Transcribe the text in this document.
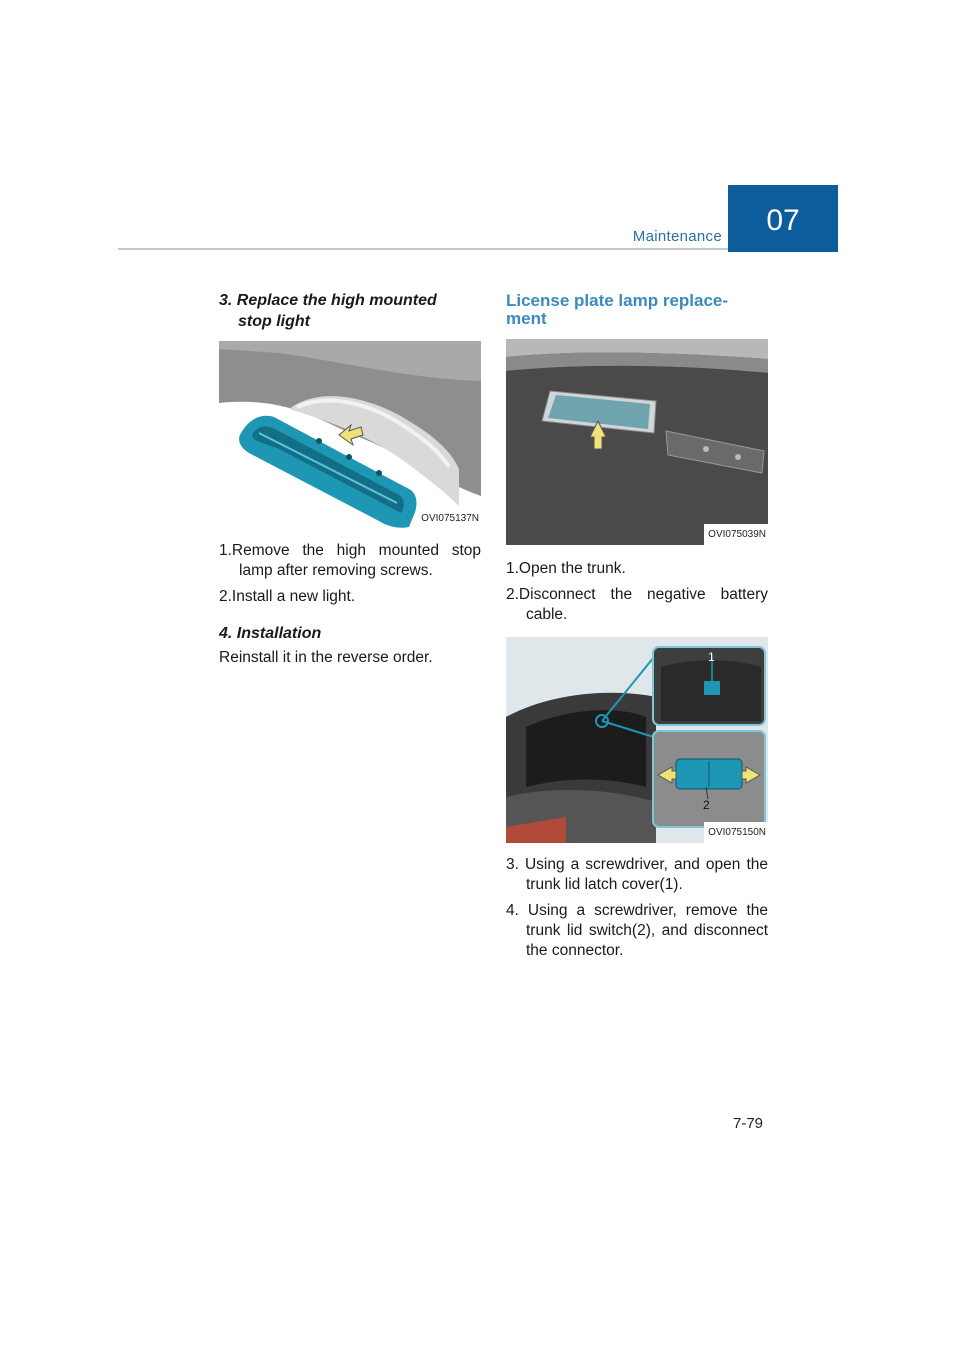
Maintenance 07
3. Replace the high mounted
stop light
OVI075137N
1.Remove the high mounted stop lamp after removing screws.
2.Install a new light.
4. Installation

Reinstall it in the reverse order.

License plate lamp replace-
ment
OVI075039N
1.Open the trunk.
2.Disconnect the negative battery cable.
1
2
OVI075150N
3. Using a screwdriver, and open the trunk lid latch cover(1).
4. Using a screwdriver, remove the trunk lid switch(2), and disconnect the connector.
7-79
